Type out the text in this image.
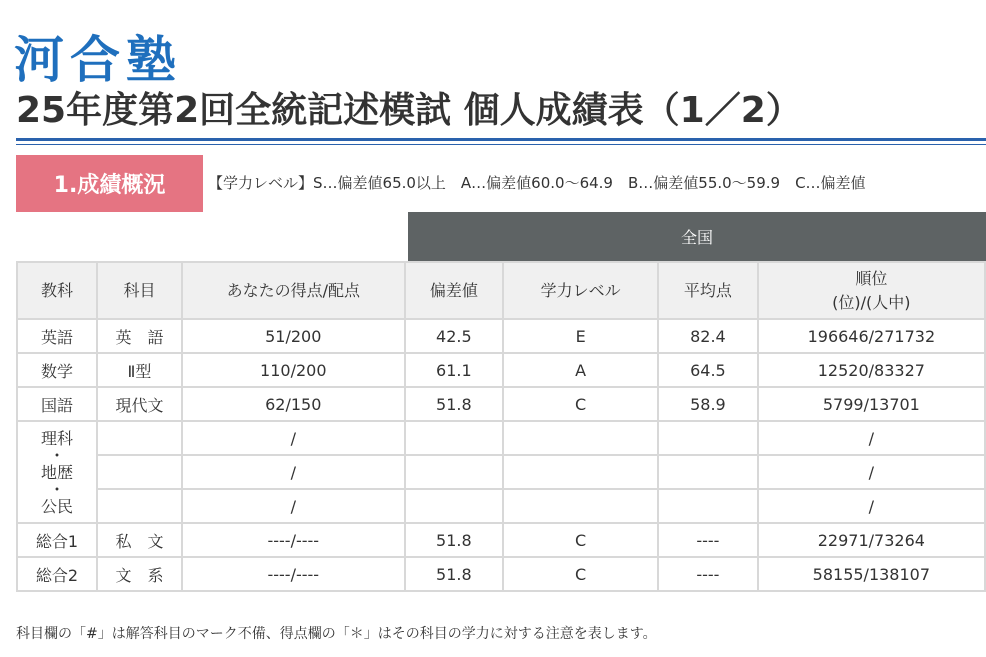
河合塾
25年度第2回全統記述模試 個人成績表（1／2）
1.成績概況	【学力レベル】S…偏差値65.0以上　A…偏差値60.0～64.9　B…偏差値55.0～59.9　C…偏差値
全国
教科	科目	あなたの得点/配点	偏差値	学力レベル	平均点	順位
(位)/(人中)

英語	英　語	51/200	42.5	E	82.4	196646/271732
数学	Ⅱ型	110/200	61.1	A	64.5	12520/83327
国語	現代文	62/150	51.8	C	58.9	5799/13701

理科
・
地歴
・
公民		/				/
		/				/
		/				/
総合1	私　文	----/----	51.8	C	----	22971/73264
総合2	文　系	----/----	51.8	C	----	58155/138107
科目欄の「#」は解答科目のマーク不備、得点欄の「＊」はその科目の学力に対する注意を表します。
